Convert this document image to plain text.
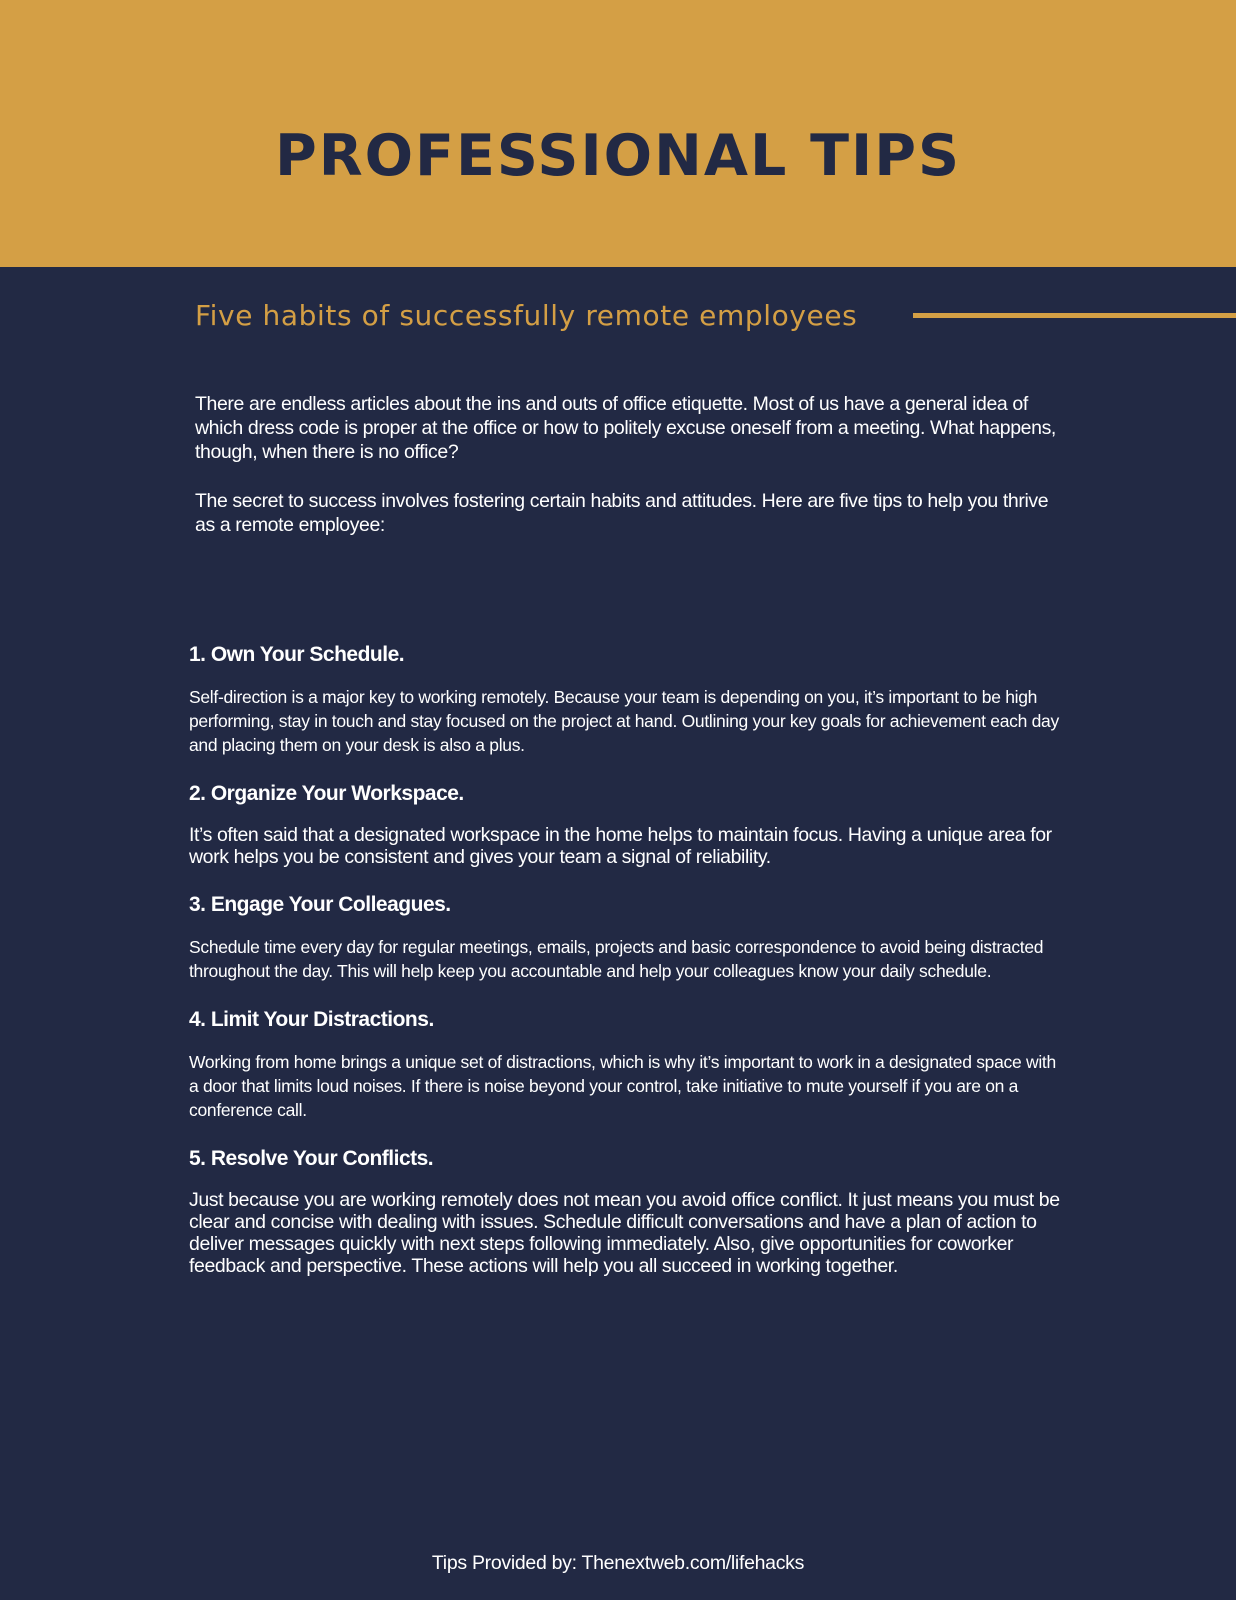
PROFESSIONAL TIPS
Five habits of successfully remote employees

There are endless articles about the ins and outs of office etiquette. Most of us have a general idea of which dress code is proper at the office or how to politely excuse oneself from a meeting. What happens, though, when there is no office?

The secret to success involves fostering certain habits and attitudes. Here are five tips to help you thrive as a remote employee:

1. Own Your Schedule.

Self-direction is a major key to working remotely. Because your team is depending on you, it’s important to be high performing, stay in touch and stay focused on the project at hand. Outlining your key goals for achievement each day and placing them on your desk is also a plus.

2. Organize Your Workspace.

It’s often said that a designated workspace in the home helps to maintain focus. Having a unique area for work helps you be consistent and gives your team a signal of reliability.

3. Engage Your Colleagues.

Schedule time every day for regular meetings, emails, projects and basic correspondence to avoid being distracted throughout the day. This will help keep you accountable and help your colleagues know your daily schedule.

4. Limit Your Distractions.

Working from home brings a unique set of distractions, which is why it’s important to work in a designated space with a door that limits loud noises. If there is noise beyond your control, take initiative to mute yourself if you are on a conference call.

5. Resolve Your Conflicts.

Just because you are working remotely does not mean you avoid office conflict. It just means you must be clear and concise with dealing with issues. Schedule difficult conversations and have a plan of action to deliver messages quickly with next steps following immediately. Also, give opportunities for coworker feedback and perspective. These actions will help you all succeed in working together.

Tips Provided by: Thenextweb.com/lifehacks
